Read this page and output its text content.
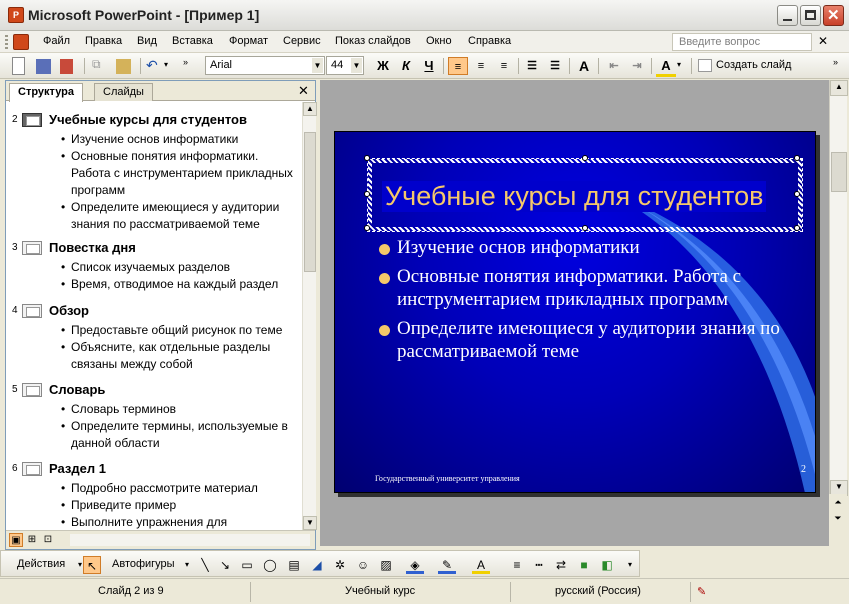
P Microsoft PowerPoint - [Пример 1]	✕
Файл Правка Вид Вставка Формат Сервис Показ слайдов Окно Справка	Введите вопрос	✕
⧉	↶ ▾	»	Arial	▼ 44 ▼	Ж	К	Ч	≡	≡	≡	☰	☰	A	⇤	⇥	A ▾	Создать слайд	»
Структура	Слайды	✕
2 Учебные курсы для студентов
• Изучение основ информатики
• Основные понятия информатики. Работа с инструментарием прикладных программ
• Определите имеющиеся у аудитории знания по рассматриваемой теме
3 Повестка дня
• Список изучаемых разделов
• Время, отводимое на каждый раздел
4 Обзор
• Предоставьте общий рисунок по теме
• Объясните, как отдельные разделы связаны между собой
5 Словарь
• Словарь терминов
• Определите термины, используемые в данной области
6 Раздел 1
• Подробно рассмотрите материал
• Приведите пример
• Выполните упражнения для
▲
▼
▣ ⊞ ⊡
Учебные курсы для студентов
Изучение основ информатики
Основные понятия информатики. Работа с инструментарием прикладных программ
Определите имеющиеся у аудитории знания по рассматриваемой теме
Государственный университет управления
2
▲
▼
⏶
⏷
Действия	▾ ↖	Автофигуры	▾	╲ ↘ ▭ ◯ ▤	◢	✲ ☺ ▨	◈	✎	A	≡	┅	⇄	■	◧	▾
Слайд 2 из 9	Учебный курс	русский (Россия)	✎
